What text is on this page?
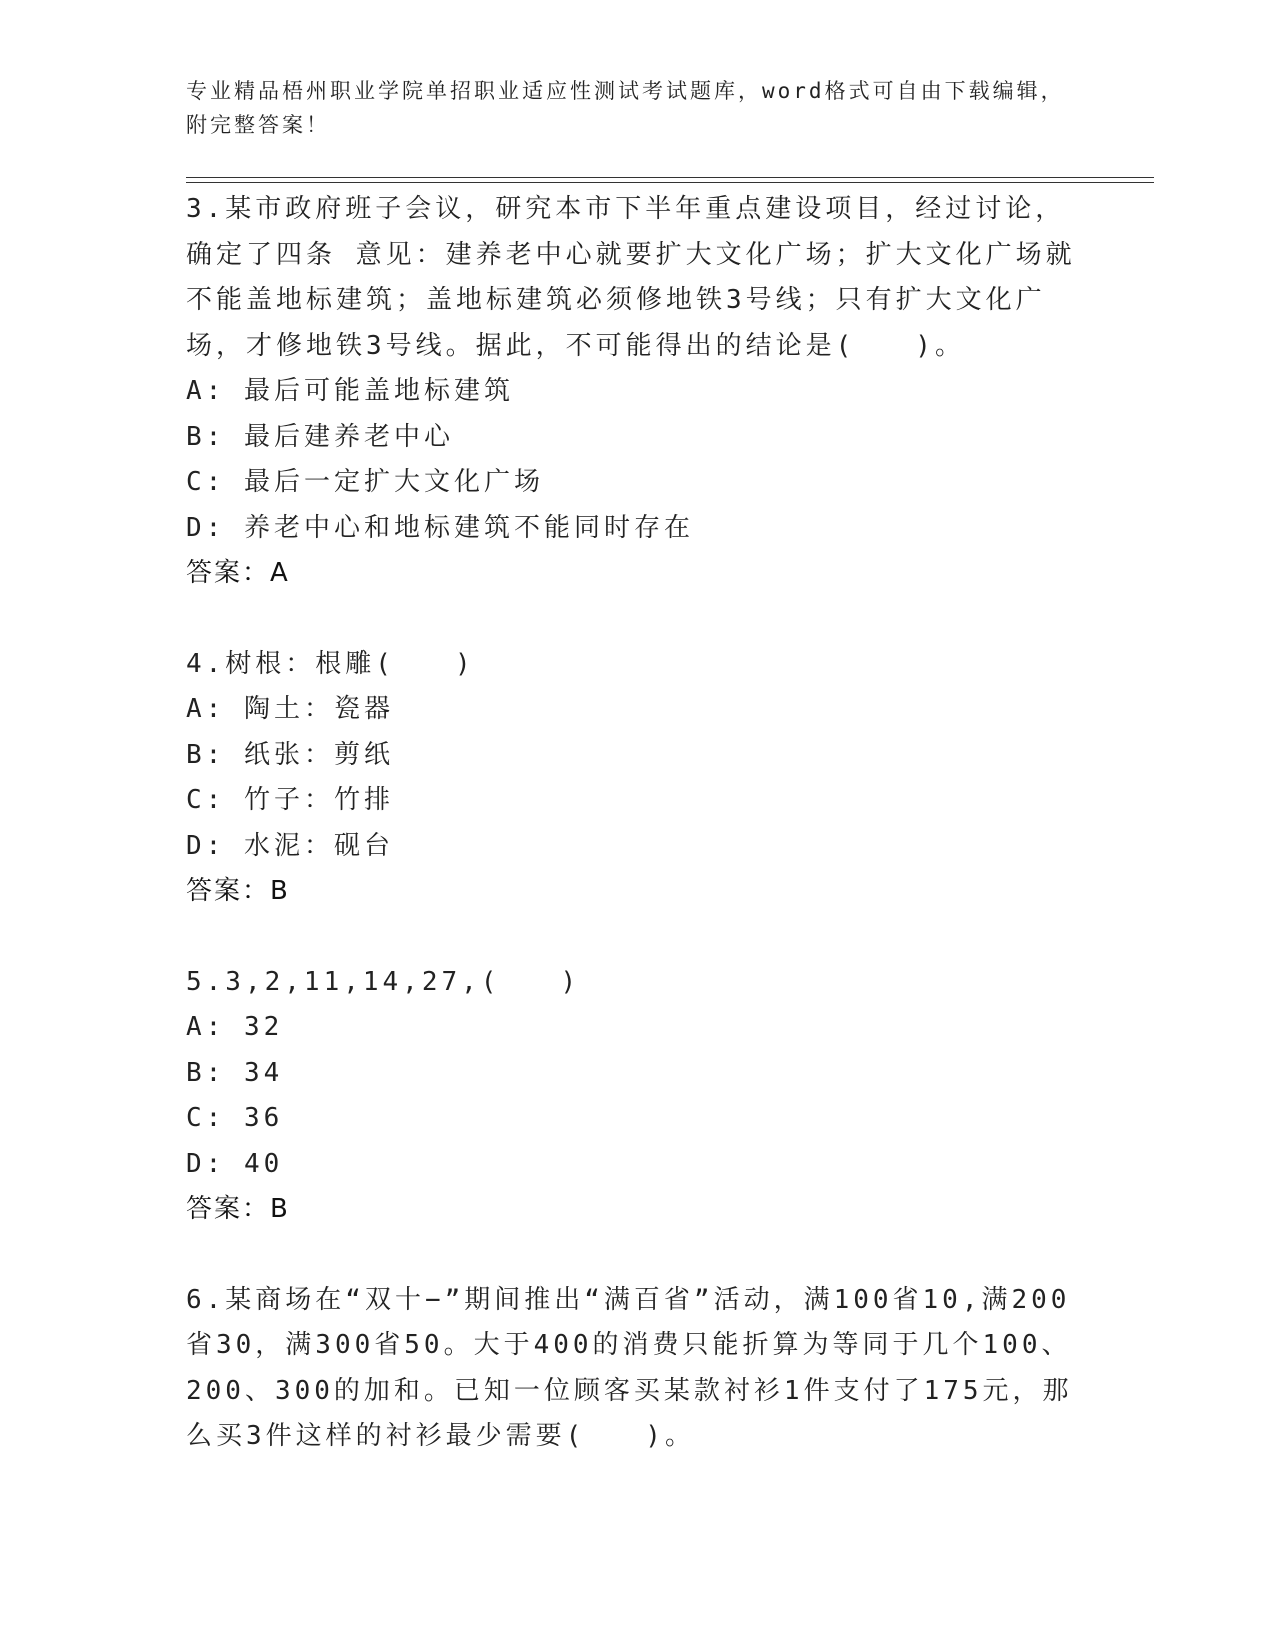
专业精品梧州职业学院单招职业适应性测试考试题库，word格式可自由下载编辑，附完整答案！

3.某市政府班子会议，研究本市下半年重点建设项目，经过讨论，确定了四条 意见：建养老中心就要扩大文化广场；扩大文化广场就不能盖地标建筑；盖地标建筑必须修地铁3号线；只有扩大文化广场，才修地铁3号线。据此，不可能得出的结论是(　　)。

A: 最后可能盖地标建筑
B: 最后建养老中心
C: 最后一定扩大文化广场
D: 养老中心和地标建筑不能同时存在

答案：A

4.树根：根雕(　　)

A: 陶土：瓷器
B: 纸张：剪纸
C: 竹子：竹排
D: 水泥：砚台

答案：B

5.3,2,11,14,27,(　　)

A: 32
B: 34
C: 36
D: 40

答案：B

6.某商场在“双十−”期间推出“满百省”活动，满100省10,满200省30，满300省50。大于400的消费只能折算为等同于几个100、200、300的加和。已知一位顾客买某款衬衫1件支付了175元，那么买3件这样的衬衫最少需要(　　)。
